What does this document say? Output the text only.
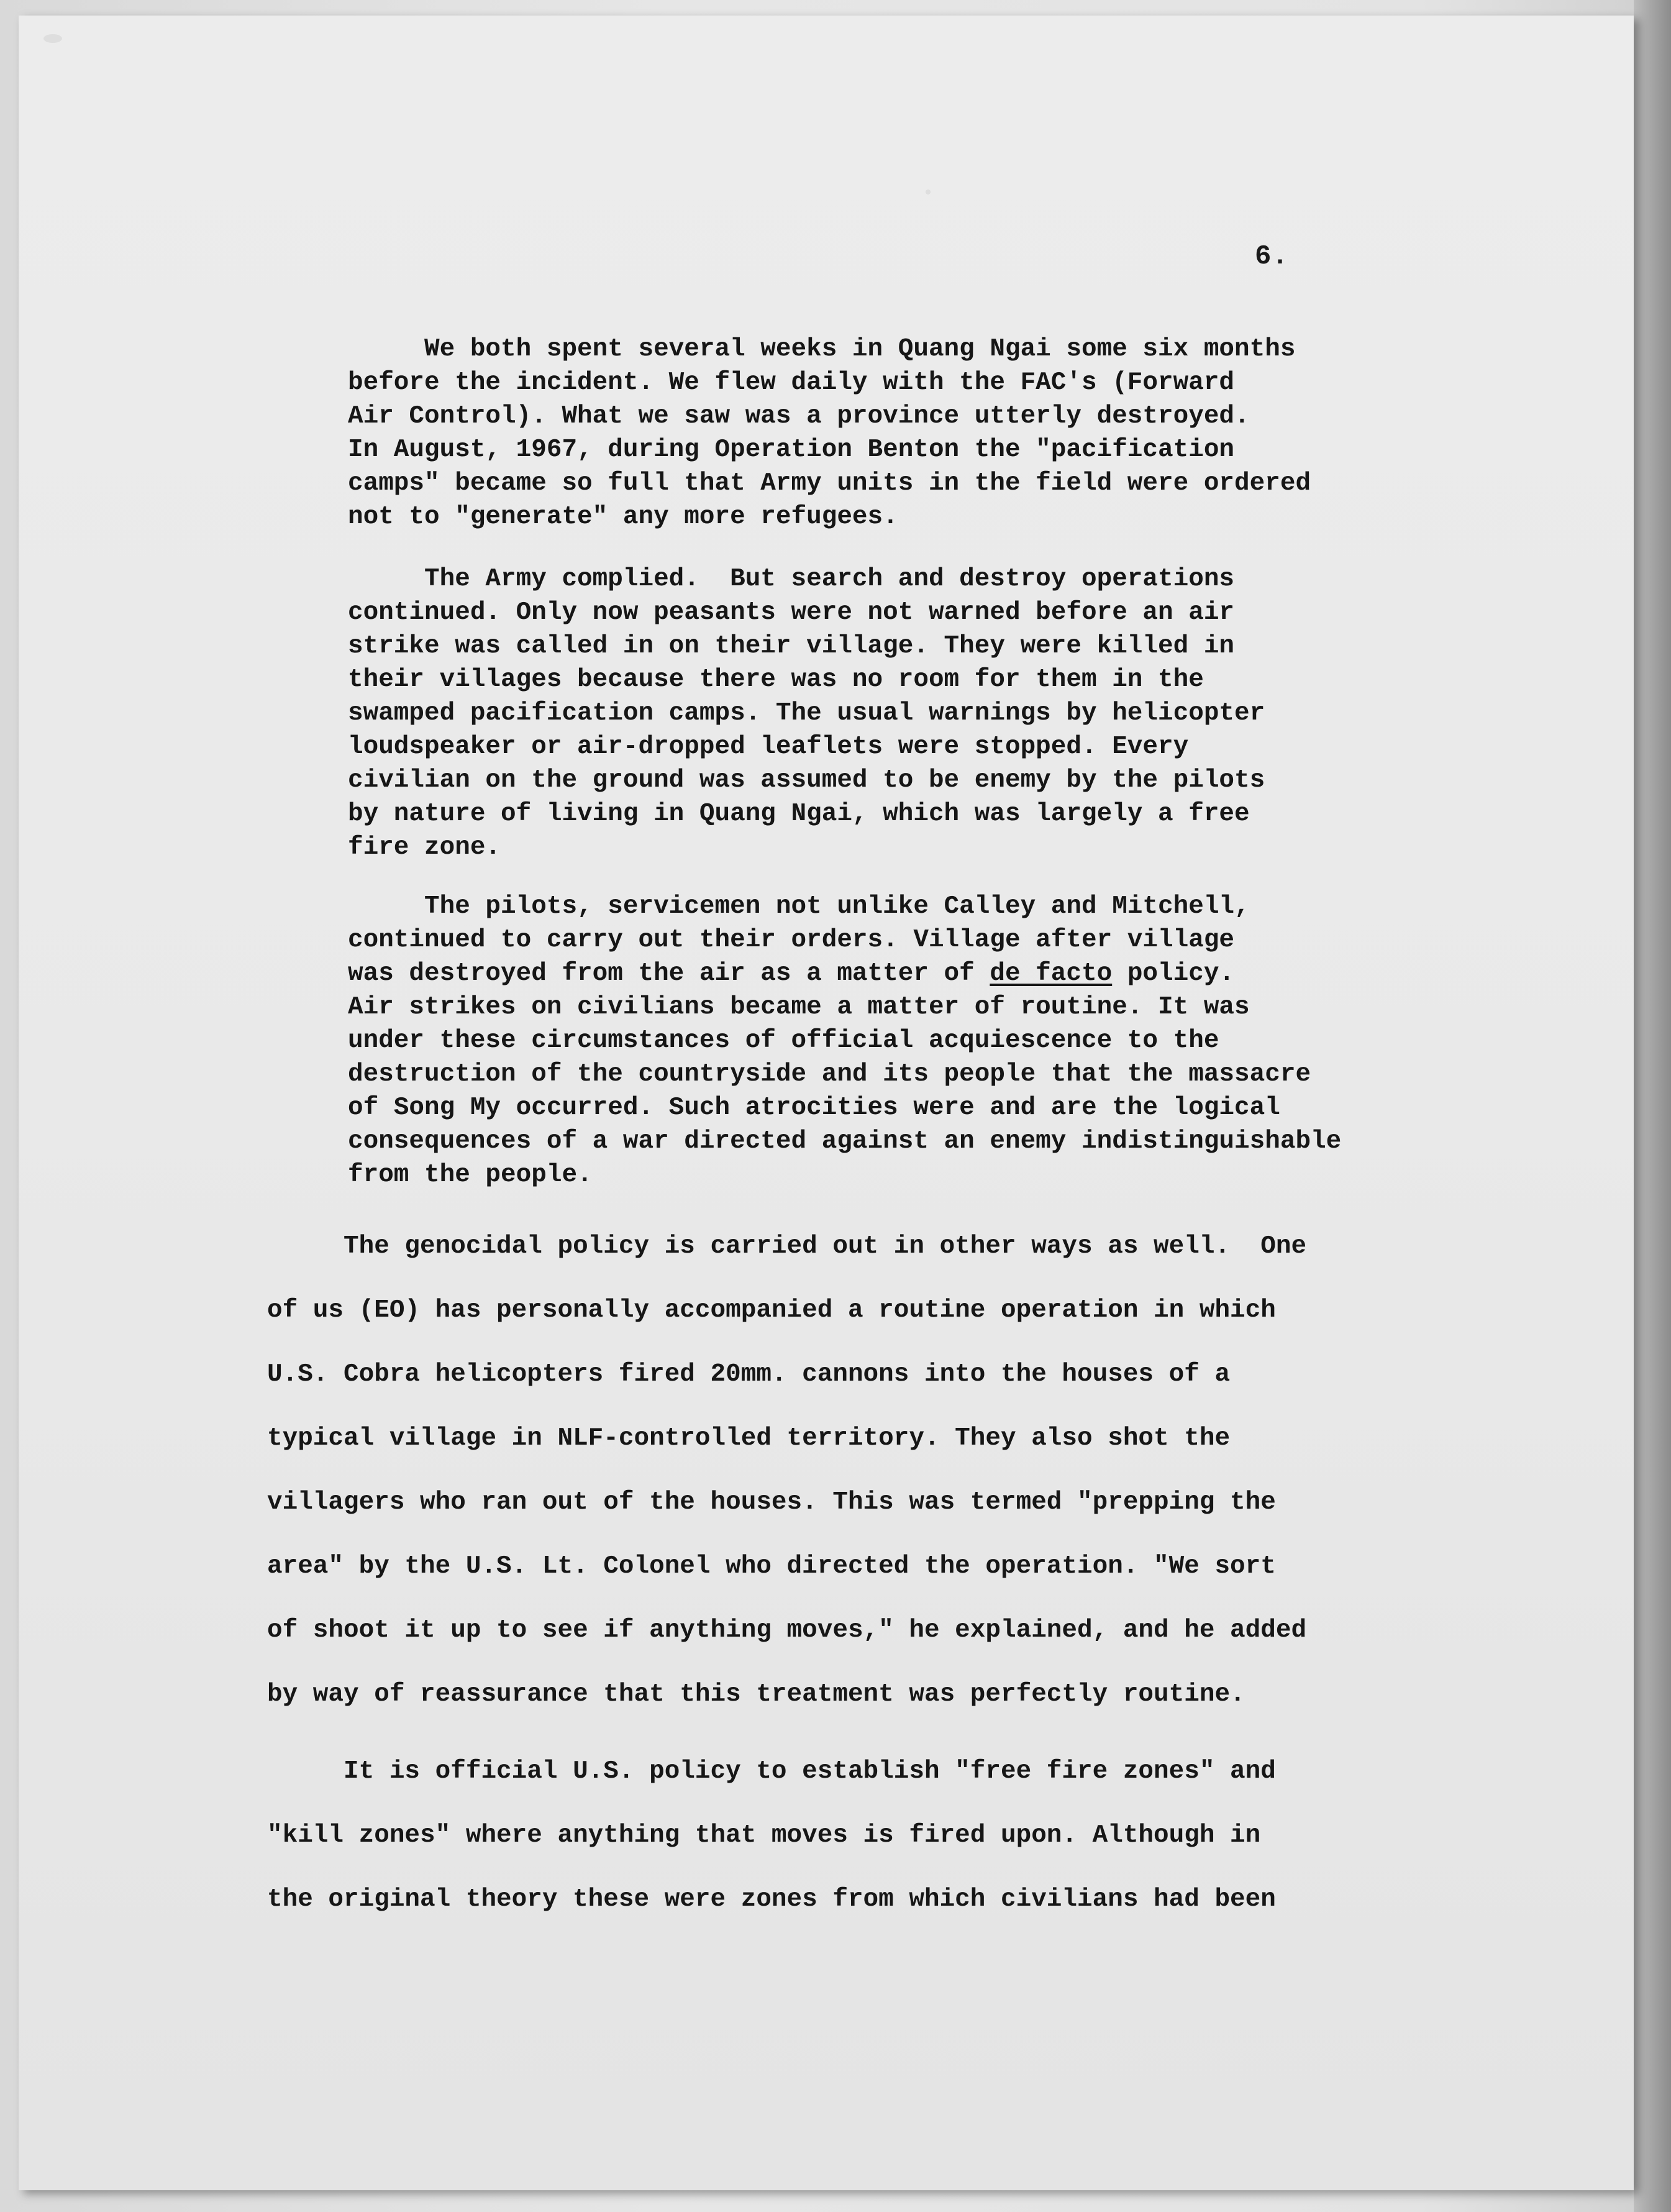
6.
We both spent several weeks in Quang Ngai some six months
before the incident. We flew daily with the FAC's (Forward
Air Control). What we saw was a province utterly destroyed.
In August, 1967, during Operation Benton the "pacification
camps" became so full that Army units in the field were ordered
not to "generate" any more refugees.
The Army complied.  But search and destroy operations
continued. Only now peasants were not warned before an air
strike was called in on their village. They were killed in
their villages because there was no room for them in the
swamped pacification camps. The usual warnings by helicopter
loudspeaker or air-dropped leaflets were stopped. Every
civilian on the ground was assumed to be enemy by the pilots
by nature of living in Quang Ngai, which was largely a free
fire zone.
The pilots, servicemen not unlike Calley and Mitchell,
continued to carry out their orders. Village after village
was destroyed from the air as a matter of de facto policy.
Air strikes on civilians became a matter of routine. It was
under these circumstances of official acquiescence to the
destruction of the countryside and its people that the massacre
of Song My occurred. Such atrocities were and are the logical
consequences of a war directed against an enemy indistinguishable
from the people.
The genocidal policy is carried out in other ways as well.  One
of us (EO) has personally accompanied a routine operation in which
U.S. Cobra helicopters fired 20mm. cannons into the houses of a
typical village in NLF-controlled territory. They also shot the
villagers who ran out of the houses. This was termed "prepping the
area" by the U.S. Lt. Colonel who directed the operation. "We sort
of shoot it up to see if anything moves," he explained, and he added
by way of reassurance that this treatment was perfectly routine.
It is official U.S. policy to establish "free fire zones" and
"kill zones" where anything that moves is fired upon. Although in
the original theory these were zones from which civilians had been
